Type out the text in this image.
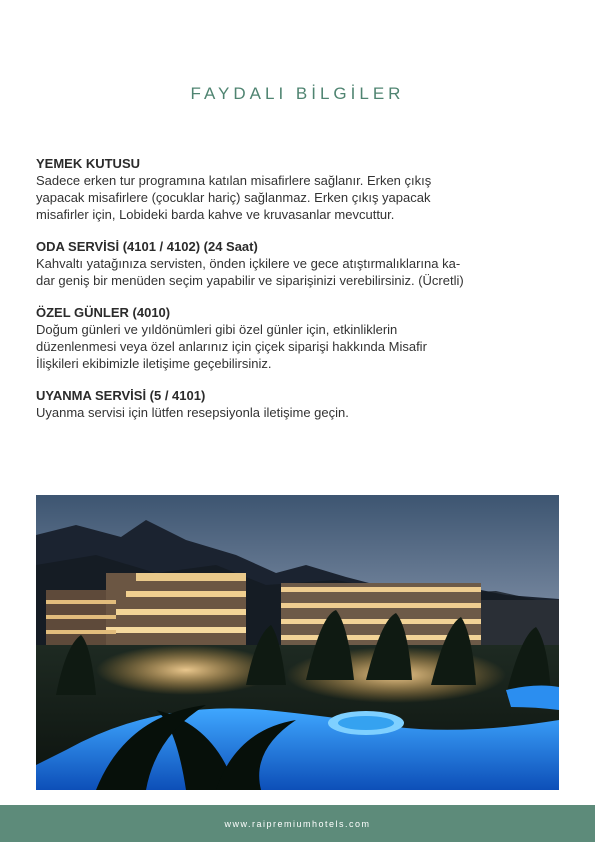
FAYDALI BİLGİLER

YEMEK KUTUSU

Sadece erken tur programına katılan misafirlere sağlanır. Erken çıkış
yapacak misafirlere (çocuklar hariç) sağlanmaz. Erken çıkış yapacak
misafirler için, Lobideki barda kahve ve kruvasanlar mevcuttur.

ODA SERVİSİ (4101 / 4102) (24 Saat)

Kahvaltı yatağınıza servisten, önden içkilere ve gece atıştırmalıklarına ka-
dar geniş bir menüden seçim yapabilir ve siparişinizi verebilirsiniz. (Ücretli)

ÖZEL GÜNLER (4010)

Doğum günleri ve yıldönümleri gibi özel günler için, etkinliklerin
düzenlenmesi veya özel anlarınız için çiçek siparişi hakkında Misafir
İlişkileri ekibimizle iletişime geçebilirsiniz.

UYANMA SERVİSİ (5 / 4101)

Uyanma servisi için lütfen resepsiyonla iletişime geçin.

www.raipremiumhotels.com
